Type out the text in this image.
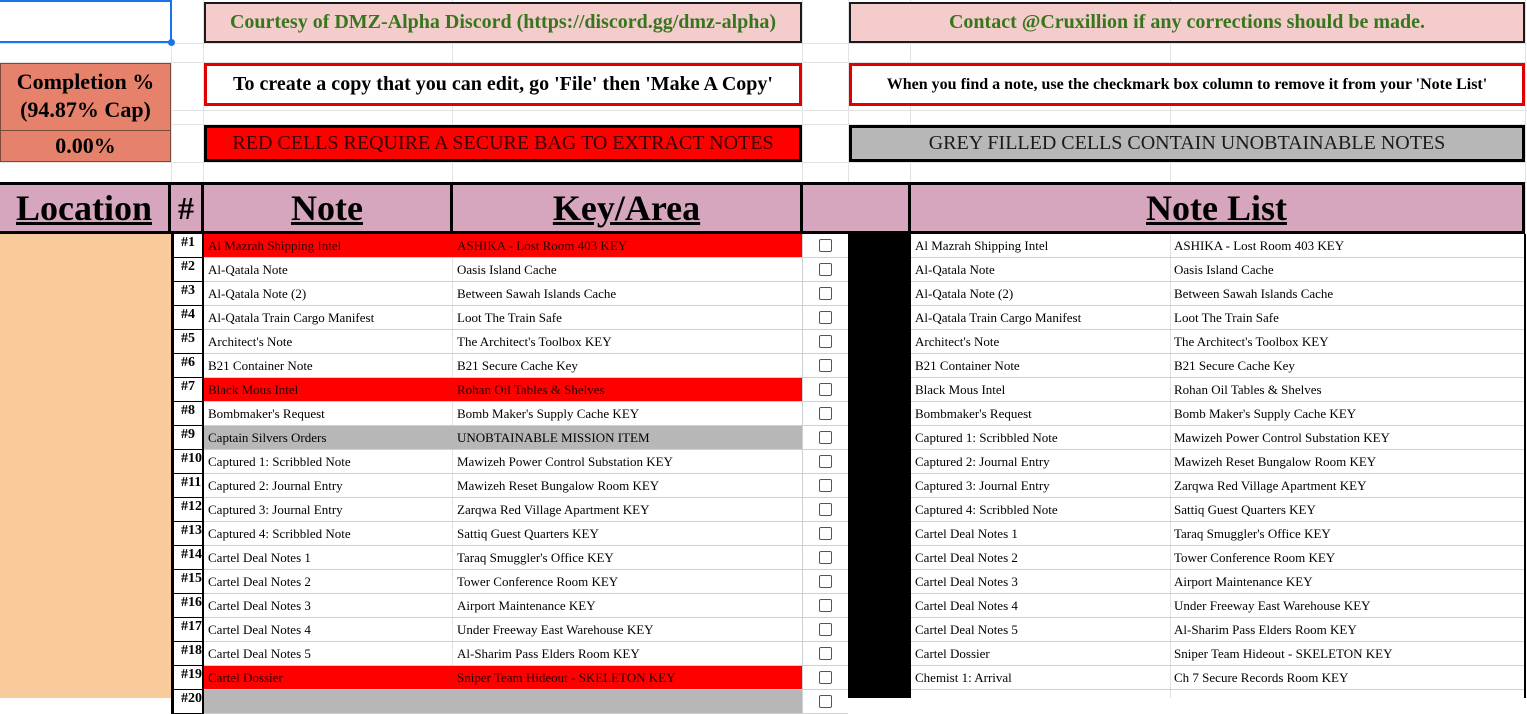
Courtesy of DMZ-Alpha Discord (https://discord.gg/dmz-alpha)	Contact @Cruxillion if any corrections should be made.
Completion %
(94.87% Cap)
0.00%
To create a copy that you can edit, go 'File' then 'Make A Copy'	When you find a note, use the checkmark box column to remove it from your 'Note List'
RED CELLS REQUIRE A SECURE BAG TO EXTRACT NOTES	GREY FILLED CELLS CONTAIN UNOBTAINABLE NOTES
Location #	Note	Key/Area	Note List
#1	Al Mazrah Shipping Intel	ASHIKA - Lost Room 403 KEY
#2	Al-Qatala Note	Oasis Island Cache
#3	Al-Qatala Note (2)	Between Sawah Islands Cache
#4	Al-Qatala Train Cargo Manifest	Loot The Train Safe
#5	Architect's Note	The Architect's Toolbox KEY
#6	B21 Container Note	B21 Secure Cache Key
#7	Black Mous Intel	Rohan Oil Tables & Shelves
#8	Bombmaker's Request	Bomb Maker's Supply Cache KEY
#9	Captain Silvers Orders	UNOBTAINABLE MISSION ITEM
#10 Captured 1: Scribbled Note	Mawizeh Power Control Substation KEY
#11 Captured 2: Journal Entry	Mawizeh Reset Bungalow Room KEY
#12 Captured 3: Journal Entry	Zarqwa Red Village Apartment KEY
#13 Captured 4: Scribbled Note	Sattiq Guest Quarters KEY
#14 Cartel Deal Notes 1	Taraq Smuggler's Office KEY
#15 Cartel Deal Notes 2	Tower Conference Room KEY
#16 Cartel Deal Notes 3	Airport Maintenance KEY
#17 Cartel Deal Notes 4	Under Freeway East Warehouse KEY
#18 Cartel Deal Notes 5	Al-Sharim Pass Elders Room KEY
#19 Cartel Dossier	Sniper Team Hideout - SKELETON KEY
#20
Al Mazrah Shipping Intel	ASHIKA - Lost Room 403 KEY
Al-Qatala Note	Oasis Island Cache
Al-Qatala Note (2)	Between Sawah Islands Cache
Al-Qatala Train Cargo Manifest	Loot The Train Safe
Architect's Note	The Architect's Toolbox KEY
B21 Container Note	B21 Secure Cache Key
Black Mous Intel	Rohan Oil Tables & Shelves
Bombmaker's Request	Bomb Maker's Supply Cache KEY
Captured 1: Scribbled Note	Mawizeh Power Control Substation KEY
Captured 2: Journal Entry	Mawizeh Reset Bungalow Room KEY
Captured 3: Journal Entry	Zarqwa Red Village Apartment KEY
Captured 4: Scribbled Note	Sattiq Guest Quarters KEY
Cartel Deal Notes 1	Taraq Smuggler's Office KEY
Cartel Deal Notes 2	Tower Conference Room KEY
Cartel Deal Notes 3	Airport Maintenance KEY
Cartel Deal Notes 4	Under Freeway East Warehouse KEY
Cartel Deal Notes 5	Al-Sharim Pass Elders Room KEY
Cartel Dossier	Sniper Team Hideout - SKELETON KEY
Chemist 1: Arrival	Ch 7 Secure Records Room KEY
